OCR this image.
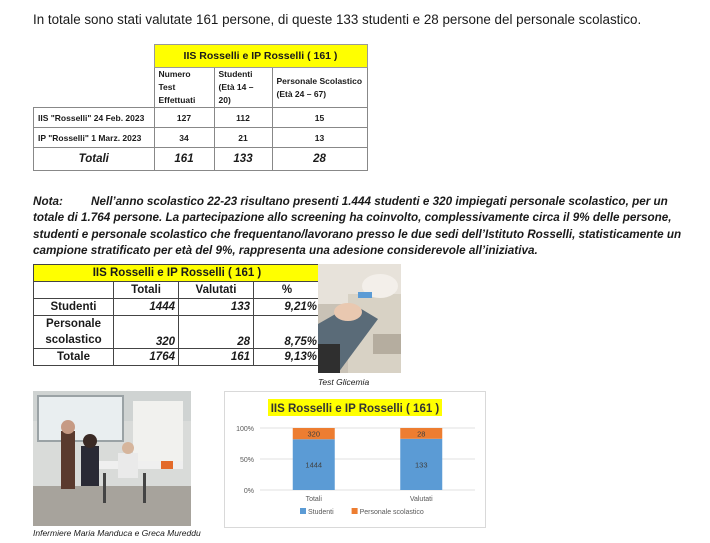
In totale sono stati valutate 161 persone, di queste 133 studenti e 28 persone del personale scolastico.
	IIS Rosselli e IP Rosselli ( 161 )		
	Numero Test
Effettuati	Studenti
(Età 14 – 20)	Personale Scolastico
(Età 24 – 67)
IIS "Rosselli" 24 Feb. 2023	127	112	15
IP "Rosselli" 1 Marz. 2023	34	21	13
Totali	161	133	28
Nota: Nell’anno scolastico 22-23 risultano presenti 1.444 studenti e 320 impiegati personale scolastico, per un totale di 1.764 persone. La partecipazione allo screening ha coinvolto, complessivamente circa il 9% delle persone, studenti e personale scolastico che frequentano/lavorano presso le due sedi dell’Istituto Rosselli, statisticamente un campione stratificato per età del 9%, rappresenta una adesione considerevole all’iniziativa.
IIS Rosselli e IP Rosselli ( 161 )			
	Totali	Valutati	%
Studenti	1444	133	9,21%
Personale
scolastico	320	28	8,75%
Totale	1764	161	9,13%
Test Glicemia
Infermiere Maria Manduca e Greca Mureddu
IIS Rosselli e IP Rosselli ( 161 )
0%
50%
100%
1444
320
Totali
133
28
Valutati
Studenti	Personale scolastico
